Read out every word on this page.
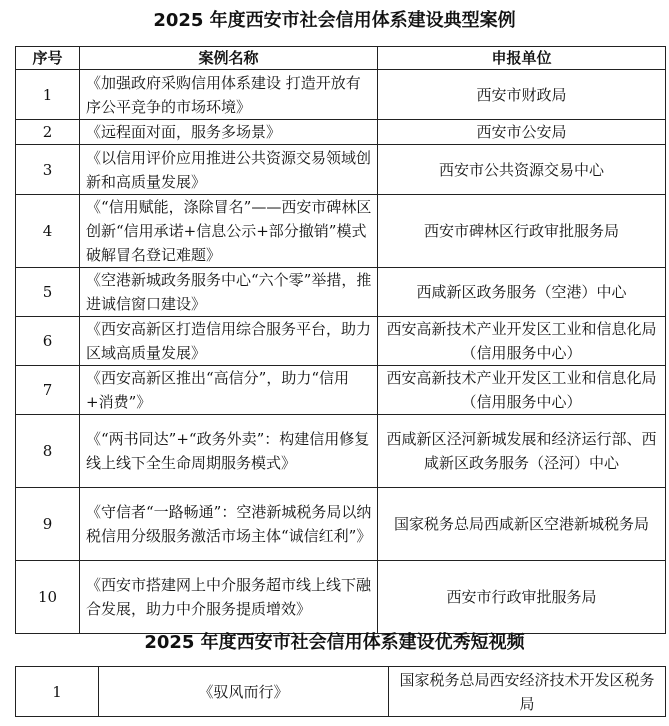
2025 年度西安市社会信用体系建设典型案例
序号	案例名称	申报单位
1	《加强政府采购信用体系建设 打造开放有序公平竞争的市场环境》	西安市财政局
2	《远程面对面，服务多场景》	西安市公安局
3	《以信用评价应用推进公共资源交易领域创新和高质量发展》	西安市公共资源交易中心
4	《“信用赋能，涤除冒名”——西安市碑林区创新“信用承诺+信息公示+部分撤销”模式 破解冒名登记难题》	西安市碑林区行政审批服务局
5	《空港新城政务服务中心“六个零”举措，推进诚信窗口建设》	西咸新区政务服务（空港）中心
6	《西安高新区打造信用综合服务平台，助力区域高质量发展》	西安高新技术产业开发区工业和信息化局（信用服务中心）
7	《西安高新区推出“高信分”，助力“信用+消费”》	西安高新技术产业开发区工业和信息化局（信用服务中心）
8	《“两书同达”+“政务外卖”：构建信用修复线上线下全生命周期服务模式》	西咸新区泾河新城发展和经济运行部、西咸新区政务服务（泾河）中心
9	《守信者“一路畅通”：空港新城税务局以纳税信用分级服务激活市场主体“诚信红利”》	国家税务总局西咸新区空港新城税务局
10	《西安市搭建网上中介服务超市线上线下融合发展，助力中介服务提质增效》	西安市行政审批服务局
2025 年度西安市社会信用体系建设优秀短视频
1	《驭风而行》	国家税务总局西安经济技术开发区税务局
